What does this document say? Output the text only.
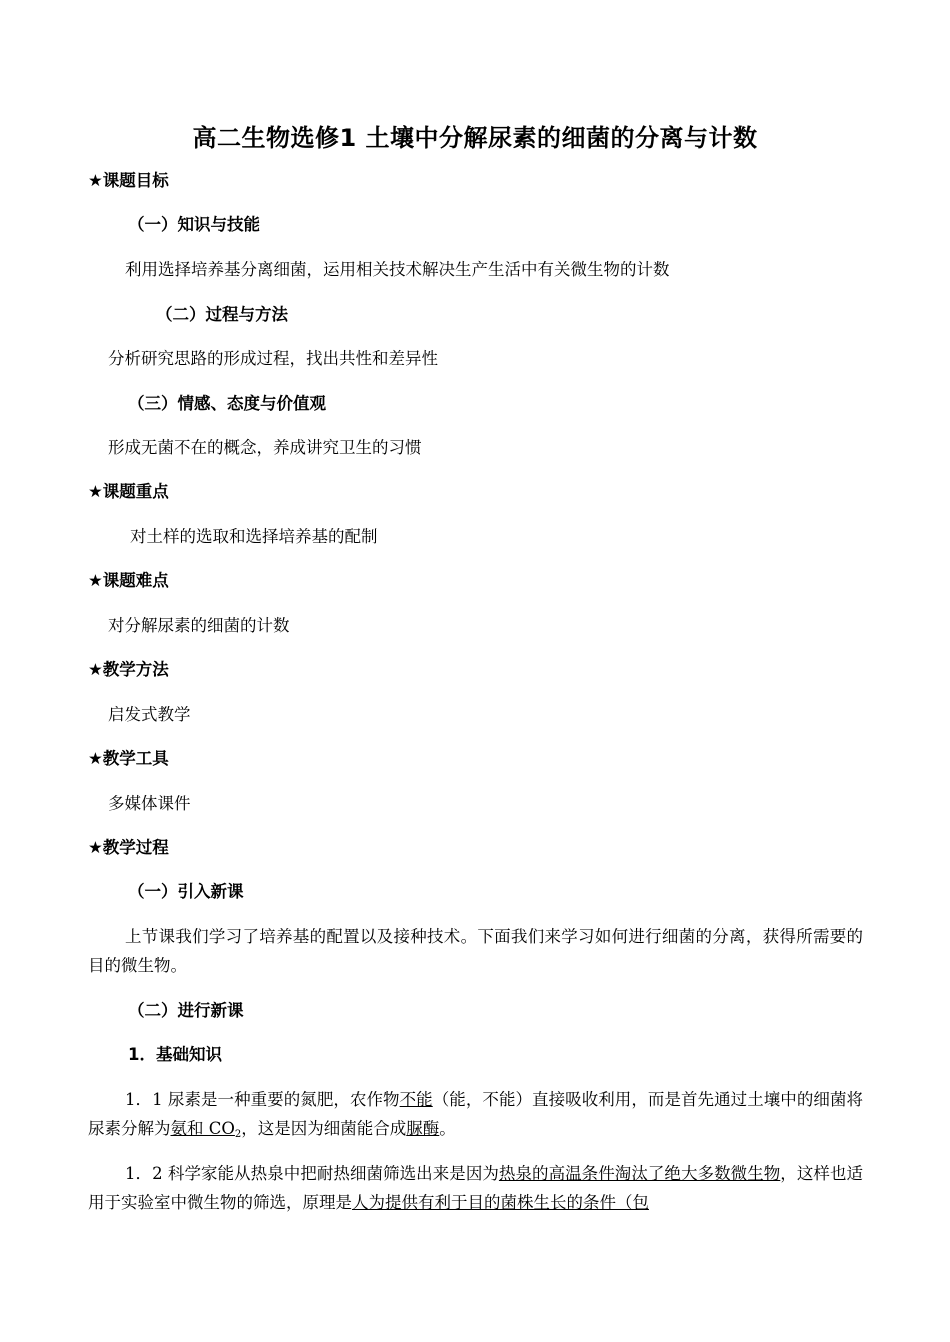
高二生物选修1 土壤中分解尿素的细菌的分离与计数
★课题目标
（一）知识与技能
利用选择培养基分离细菌，运用相关技术解决生产生活中有关微生物的计数
（二）过程与方法
分析研究思路的形成过程，找出共性和差异性
（三）情感、态度与价值观
形成无菌不在的概念，养成讲究卫生的习惯
★课题重点
对土样的选取和选择培养基的配制
★课题难点
对分解尿素的细菌的计数
★教学方法
启发式教学
★教学工具
多媒体课件
★教学过程
（一）引入新课
上节课我们学习了培养基的配置以及接种技术。下面我们来学习如何进行细菌的分离，获得所需要的目的微生物。
（二）进行新课
1．基础知识
1．1 尿素是一种重要的氮肥，农作物不能（能，不能）直接吸收利用，而是首先通过土壤中的细菌将尿素分解为氨和 $CO_2$，这是因为细菌能合成脲酶。
1．2 科学家能从热泉中把耐热细菌筛选出来是因为热泉的高温条件淘汰了绝大多数微生物，这样也适用于实验室中微生物的筛选，原理是人为提供有利于目的菌株生长的条件（包
